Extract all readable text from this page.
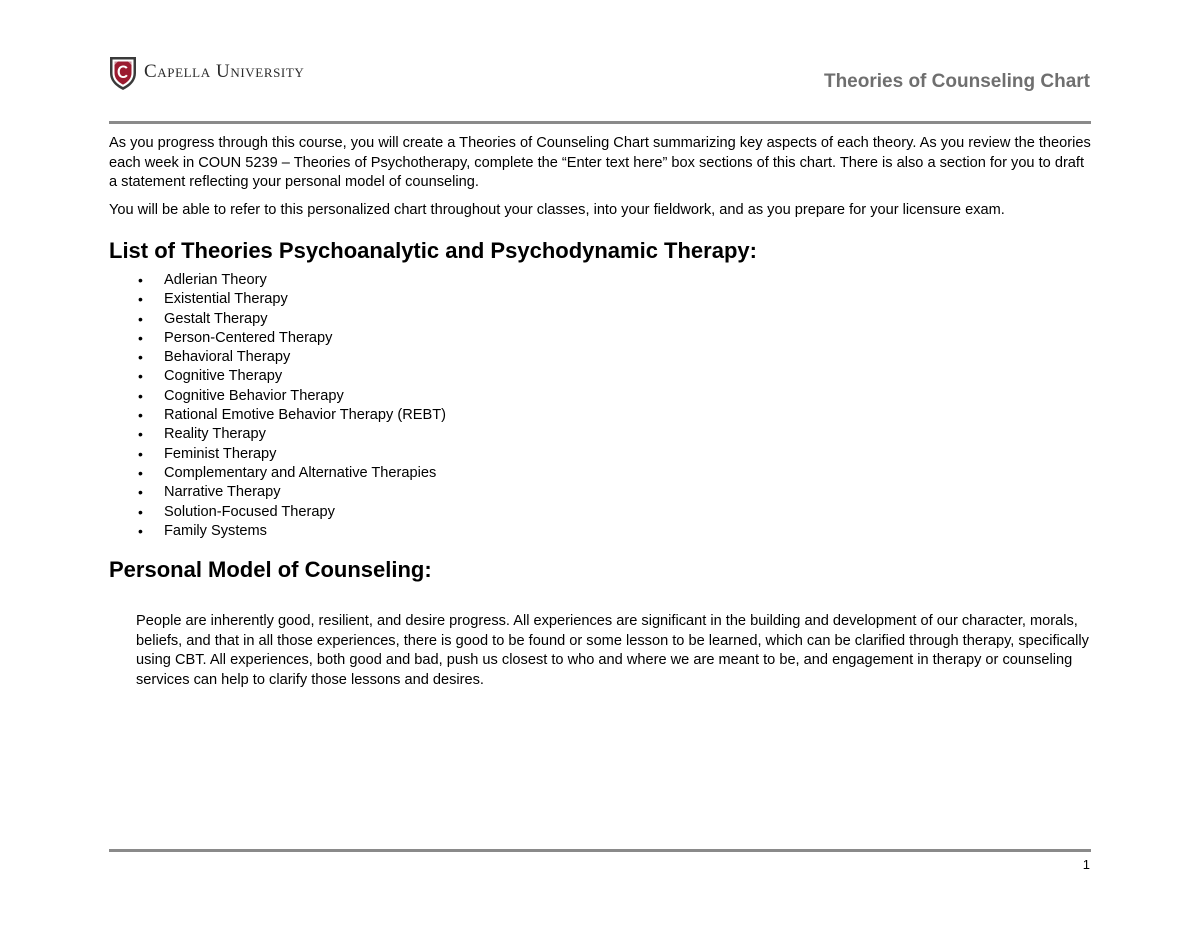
Capella University	Theories of Counseling Chart

As you progress through this course, you will create a Theories of Counseling Chart summarizing key aspects of each theory. As you review the theories each week in COUN 5239 – Theories of Psychotherapy, complete the “Enter text here” box sections of this chart. There is also a section for you to draft a statement reflecting your personal model of counseling.

You will be able to refer to this personalized chart throughout your classes, into your fieldwork, and as you prepare for your licensure exam.

List of Theories Psychoanalytic and Psychodynamic Therapy:
• Adlerian Theory
• Existential Therapy
• Gestalt Therapy
• Person-Centered Therapy
• Behavioral Therapy
• Cognitive Therapy
• Cognitive Behavior Therapy
• Rational Emotive Behavior Therapy (REBT)
• Reality Therapy
• Feminist Therapy
• Complementary and Alternative Therapies
• Narrative Therapy
• Solution-Focused Therapy
• Family Systems
Personal Model of Counseling:

People are inherently good, resilient, and desire progress. All experiences are significant in the building and development of our character, morals, beliefs, and that in all those experiences, there is good to be found or some lesson to be learned, which can be clarified through therapy, specifically using CBT. All experiences, both good and bad, push us closest to who and where we are meant to be, and engagement in therapy or counseling services can help to clarify those lessons and desires.

1
